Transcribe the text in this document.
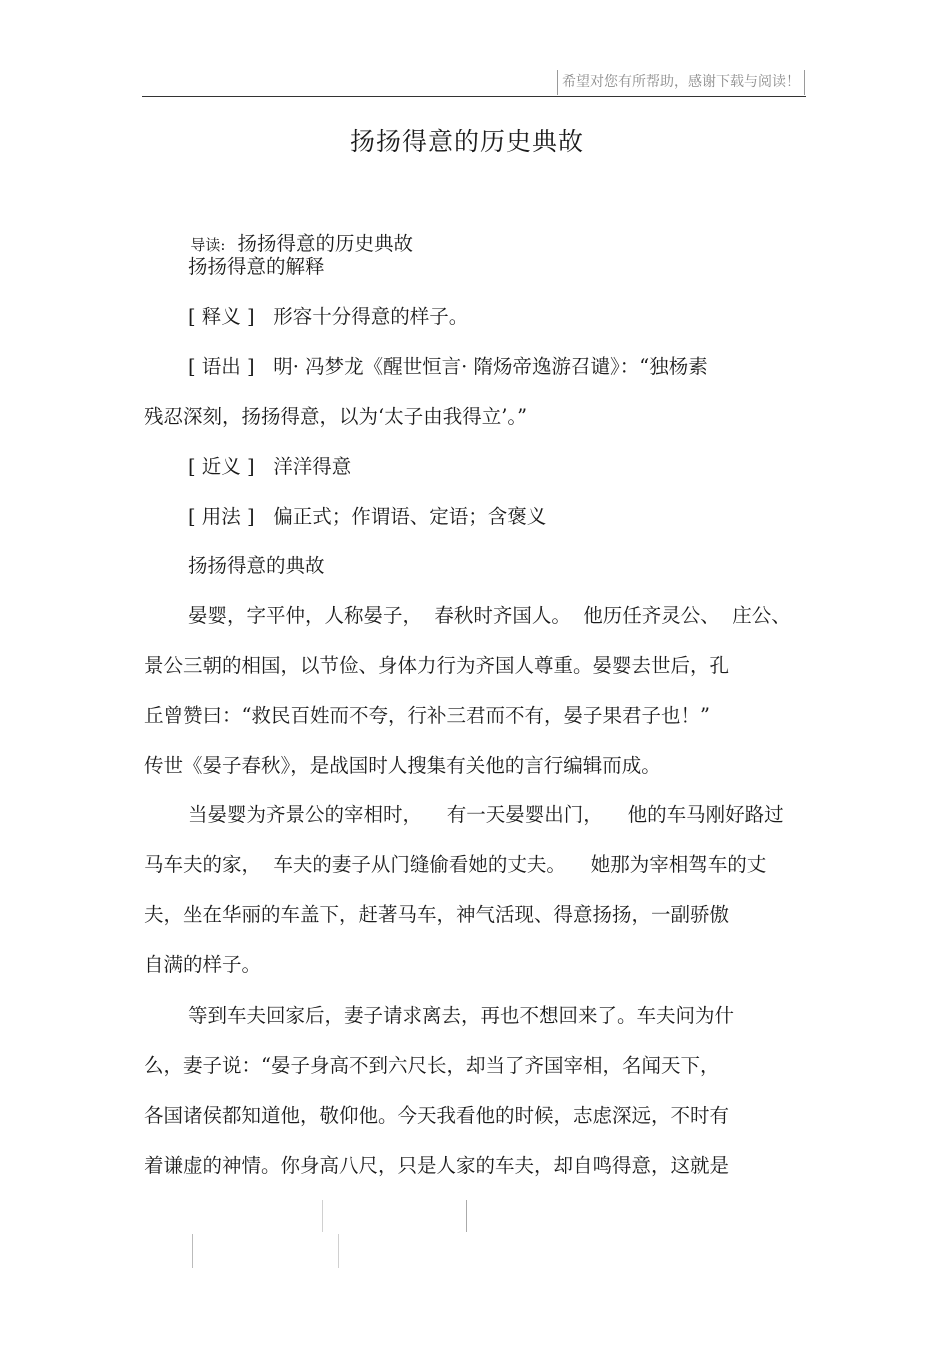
希望对您有所帮助，感谢下载与阅读！
扬扬得意的历史典故

导读: 扬扬得意的历史典故

扬扬得意的解释
[ 释义 ]   形容十分得意的样子。
[ 语出 ]   明· 冯梦龙《醒世恒言· 隋炀帝逸游召谴》：“独杨素
残忍深刻，扬扬得意，以为‘太子由我得立’。”
[ 近义 ]   洋洋得意
[ 用法 ]   偏正式；作谓语、定语；含褒义
扬扬得意的典故
晏婴，字平仲，人称晏子，  春秋时齐国人。  他历任齐灵公、  庄公、
景公三朝的相国，以节俭、身体力行为齐国人尊重。晏婴去世后，孔
丘曾赞曰：“救民百姓而不夸，行补三君而不有，晏子果君子也！”
传世《晏子春秋》，是战国时人搜集有关他的言行编辑而成。
当晏婴为齐景公的宰相时，    有一天晏婴出门，    他的车马刚好路过
马车夫的家，  车夫的妻子从门缝偷看她的丈夫。    她那为宰相驾车的丈
夫，坐在华丽的车盖下，赶著马车，神气活现、得意扬扬，一副骄傲
自满的样子。
等到车夫回家后，妻子请求离去，再也不想回来了。车夫问为什
么，妻子说：“晏子身高不到六尺长，却当了齐国宰相，名闻天下，
各国诸侯都知道他，敬仰他。今天我看他的时候，志虑深远，不时有
着谦虚的神情。你身高八尺，只是人家的车夫，却自鸣得意，这就是
